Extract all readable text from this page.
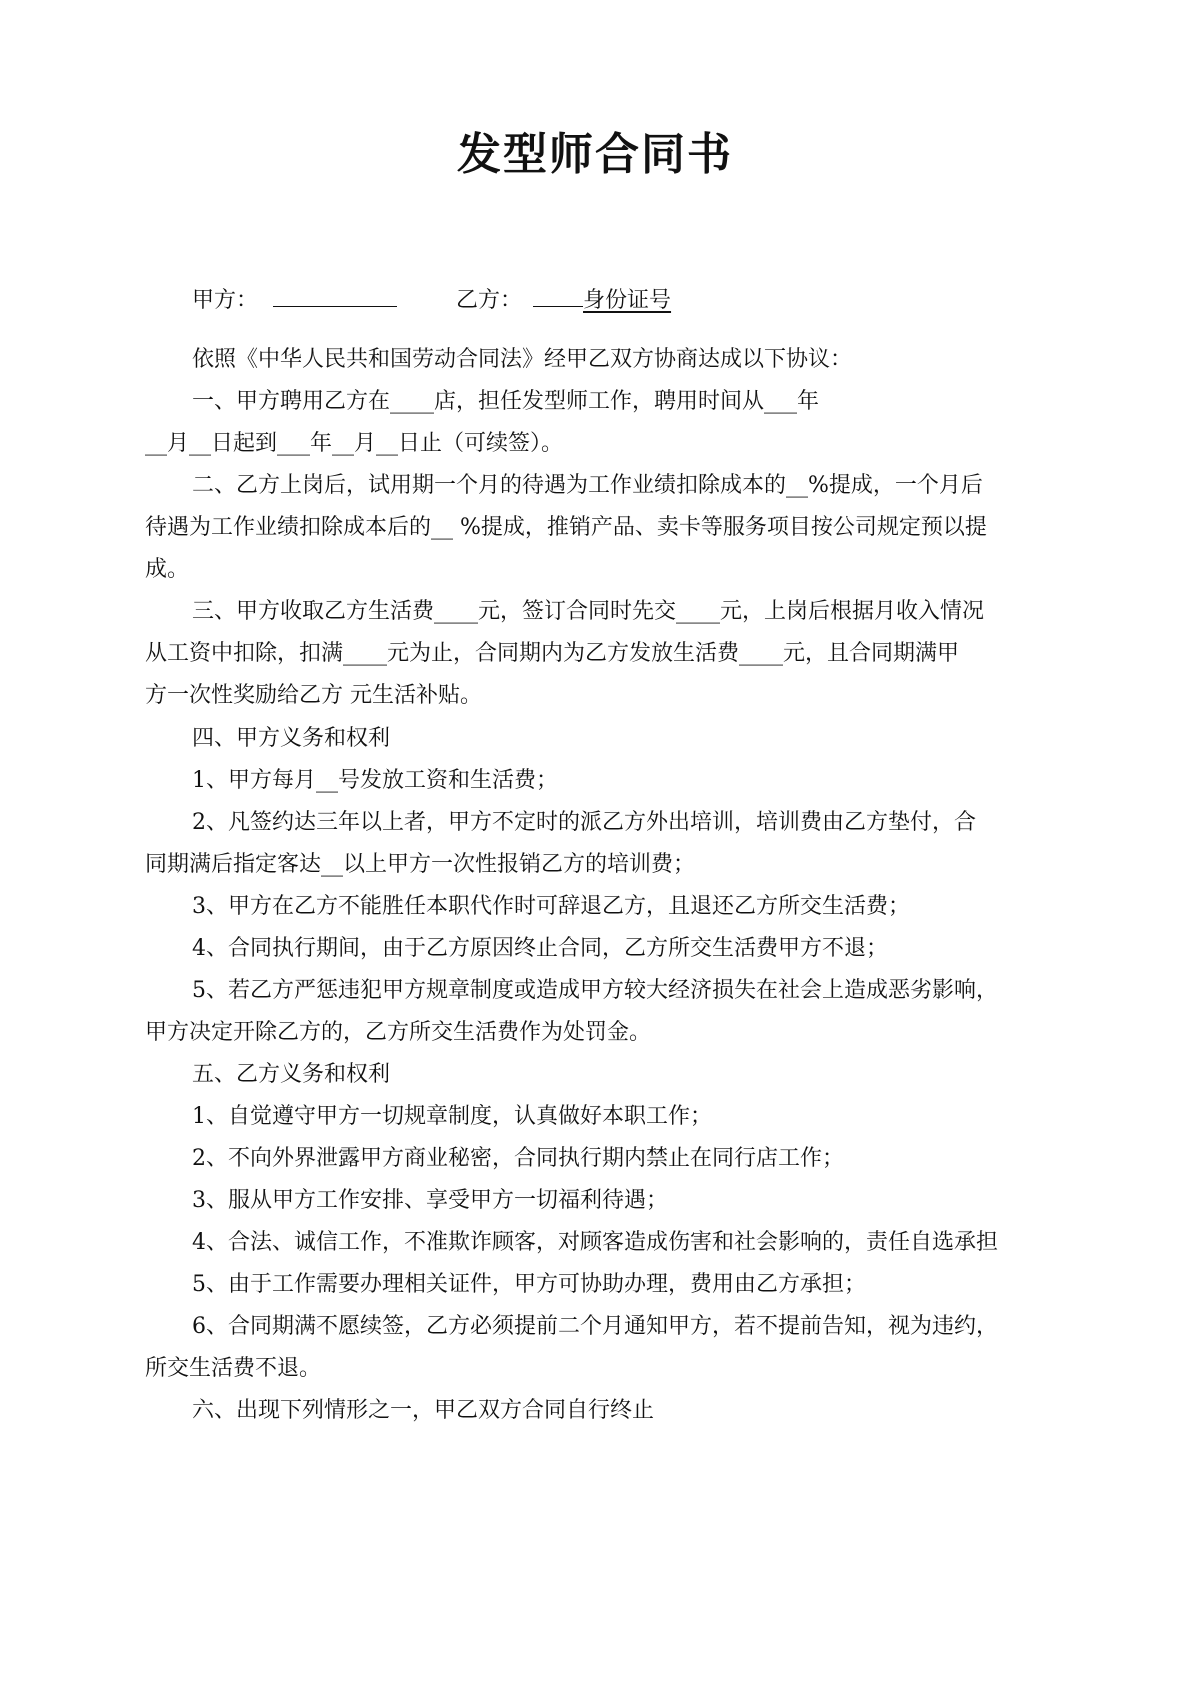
发型师合同书
甲方：	乙方：	身份证号
依照《中华人民共和国劳动合同法》经甲乙双方协商达成以下协议：
一、甲方聘用乙方在____店，担任发型师工作，聘用时间从___年
__月__日起到___年__月__日止（可续签）。
二、乙方上岗后，试用期一个月的待遇为工作业绩扣除成本的__%提成，一个月后
待遇为工作业绩扣除成本后的__ %提成，推销产品、卖卡等服务项目按公司规定预以提
成。
三、甲方收取乙方生活费____元，签订合同时先交____元，上岗后根据月收入情况
从工资中扣除，扣满____元为止，合同期内为乙方发放生活费____元，且合同期满甲
方一次性奖励给乙方 元生活补贴。
四、甲方义务和权利
1、甲方每月__号发放工资和生活费；
2、凡签约达三年以上者，甲方不定时的派乙方外出培训，培训费由乙方垫付，合
同期满后指定客达__以上甲方一次性报销乙方的培训费；
3、甲方在乙方不能胜任本职代作时可辞退乙方，且退还乙方所交生活费；
4、合同执行期间，由于乙方原因终止合同，乙方所交生活费甲方不退；
5、若乙方严惩违犯甲方规章制度或造成甲方较大经济损失在社会上造成恶劣影响，
甲方决定开除乙方的，乙方所交生活费作为处罚金。
五、乙方义务和权利
1、自觉遵守甲方一切规章制度，认真做好本职工作；
2、不向外界泄露甲方商业秘密，合同执行期内禁止在同行店工作；
3、服从甲方工作安排、享受甲方一切福利待遇；
4、合法、诚信工作，不准欺诈顾客，对顾客造成伤害和社会影响的，责任自选承担
5、由于工作需要办理相关证件，甲方可协助办理，费用由乙方承担；
6、合同期满不愿续签，乙方必须提前二个月通知甲方，若不提前告知，视为违约，
所交生活费不退。
六、出现下列情形之一，甲乙双方合同自行终止
